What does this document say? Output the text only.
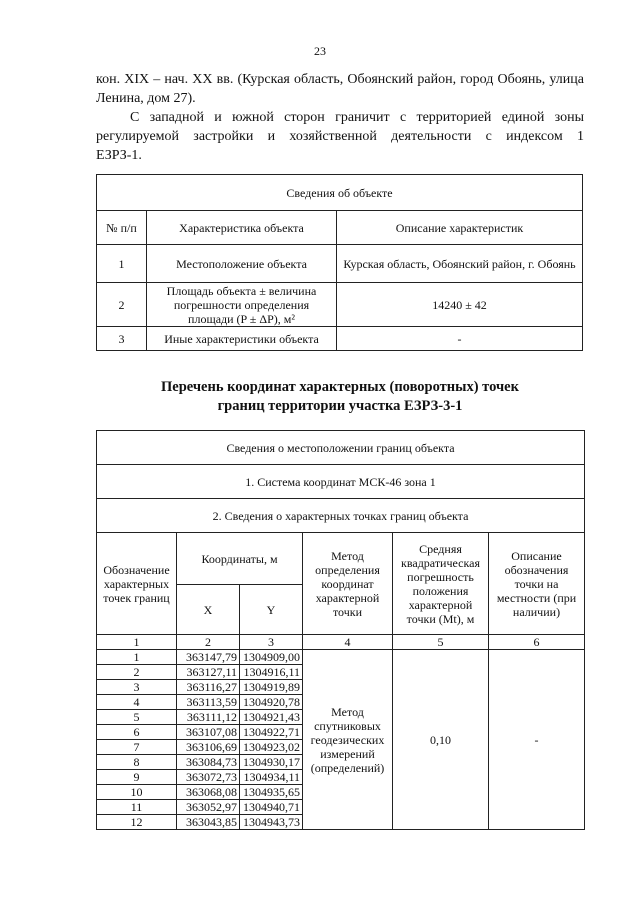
23
кон. XIX – нач. XX вв. (Курская область, Обоянский район, город Обоянь, улица Ленина, дом 27).
С западной и южной сторон граничит с территорией единой зоны
регулируемой застройки и хозяйственной деятельности с индексом 1
ЕЗРЗ-1.
Сведения об объекте		
№ п/п	Характеристика объекта	Описание характеристик
1	Местоположение объекта	Курская область, Обоянский район, г. Обоянь
2	Площадь объекта ± величина погрешности определения площади (P ± ΔP), м²	14240 ± 42
3	Иные характеристики объекта	-
Перечень координат характерных (поворотных) точек
границ территории участка ЕЗРЗ-3-1
Сведения о местоположении границ объекта					
1. Система координат МСК-46 зона 1					
2. Сведения о характерных точках границ объекта					
Обозначение характерных точек границ	Координаты, м		Метод определения координат характерной точки	Средняя квадратическая погрешность положения характерной точки (Mt), м	Описание обозначения точки на местности (при наличии)
	X	Y			
1	2	3	4	5	6
1	363147,79	1304909,00	Метод спутниковых геодезических измерений (определений)	0,10	-
2	363127,11	1304916,11			
3	363116,27	1304919,89			
4	363113,59	1304920,78			
5	363111,12	1304921,43			
6	363107,08	1304922,71			
7	363106,69	1304923,02			
8	363084,73	1304930,17			
9	363072,73	1304934,11			
10	363068,08	1304935,65			
11	363052,97	1304940,71			
12	363043,85	1304943,73			
